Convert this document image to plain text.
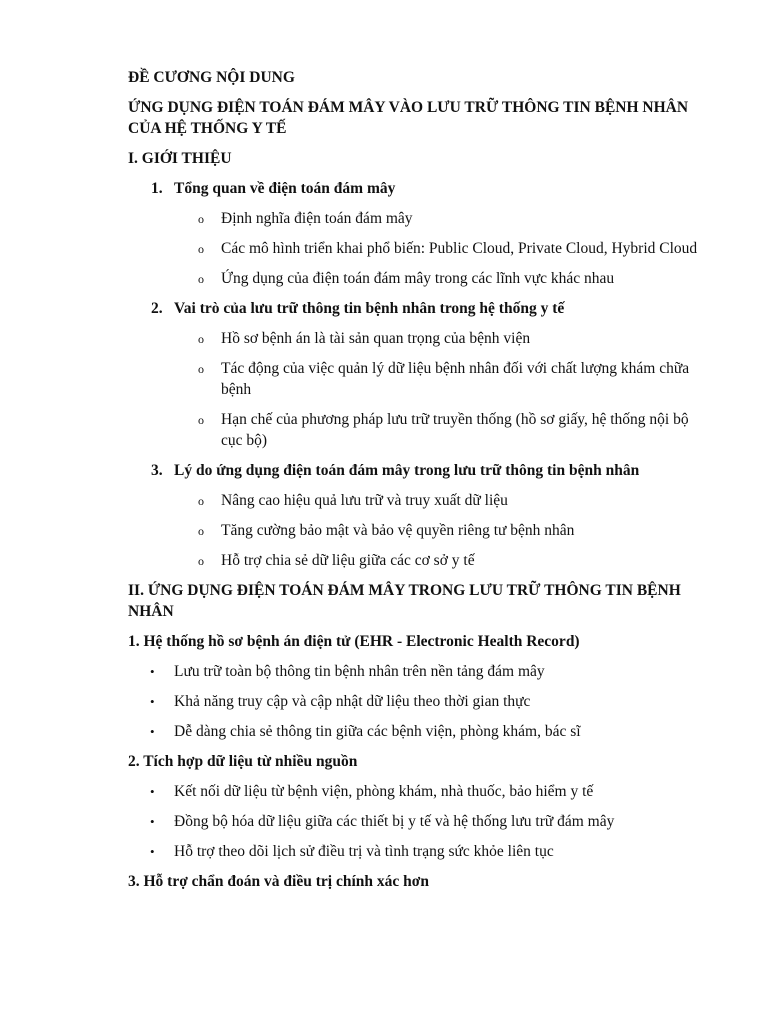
ĐỀ CƯƠNG NỘI DUNG
ỨNG DỤNG ĐIỆN TOÁN ĐÁM MÂY VÀO LƯU TRỮ THÔNG TIN BỆNH NHÂN CỦA HỆ THỐNG Y TẾ
I. GIỚI THIỆU
1. Tổng quan về điện toán đám mây
o Định nghĩa điện toán đám mây
o Các mô hình triển khai phổ biến: Public Cloud, Private Cloud, Hybrid Cloud
o Ứng dụng của điện toán đám mây trong các lĩnh vực khác nhau
2. Vai trò của lưu trữ thông tin bệnh nhân trong hệ thống y tế
o Hồ sơ bệnh án là tài sản quan trọng của bệnh viện
o Tác động của việc quản lý dữ liệu bệnh nhân đối với chất lượng khám chữa bệnh
o Hạn chế của phương pháp lưu trữ truyền thống (hồ sơ giấy, hệ thống nội bộ cục bộ)
3. Lý do ứng dụng điện toán đám mây trong lưu trữ thông tin bệnh nhân
o Nâng cao hiệu quả lưu trữ và truy xuất dữ liệu
o Tăng cường bảo mật và bảo vệ quyền riêng tư bệnh nhân
o Hỗ trợ chia sẻ dữ liệu giữa các cơ sở y tế
II. ỨNG DỤNG ĐIỆN TOÁN ĐÁM MÂY TRONG LƯU TRỮ THÔNG TIN BỆNH NHÂN
1. Hệ thống hồ sơ bệnh án điện tử (EHR - Electronic Health Record)
• Lưu trữ toàn bộ thông tin bệnh nhân trên nền tảng đám mây
• Khả năng truy cập và cập nhật dữ liệu theo thời gian thực
• Dễ dàng chia sẻ thông tin giữa các bệnh viện, phòng khám, bác sĩ
2. Tích hợp dữ liệu từ nhiều nguồn
• Kết nối dữ liệu từ bệnh viện, phòng khám, nhà thuốc, bảo hiểm y tế
• Đồng bộ hóa dữ liệu giữa các thiết bị y tế và hệ thống lưu trữ đám mây
• Hỗ trợ theo dõi lịch sử điều trị và tình trạng sức khỏe liên tục
3. Hỗ trợ chẩn đoán và điều trị chính xác hơn
